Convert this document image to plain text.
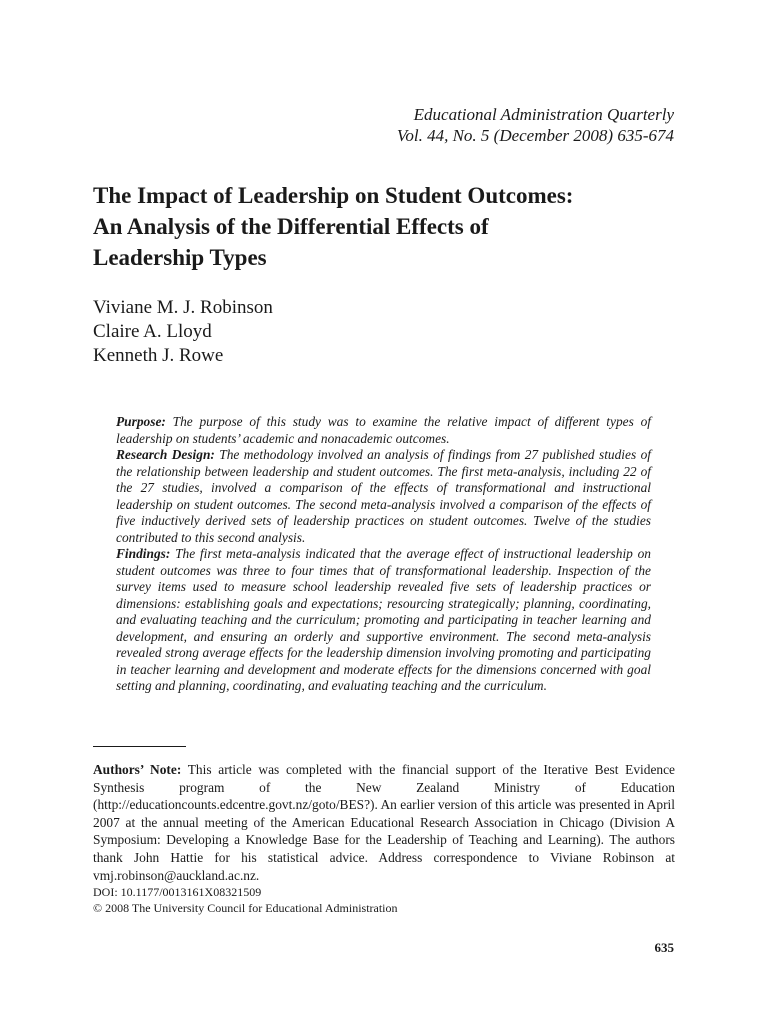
Educational Administration Quarterly
Vol. 44, No. 5 (December 2008) 635-674
The Impact of Leadership on Student Outcomes:
An Analysis of the Differential Effects of
Leadership Types
Viviane M. J. Robinson
Claire A. Lloyd
Kenneth J. Rowe

Purpose: The purpose of this study was to examine the relative impact of different types of leadership on students’ academic and nonacademic outcomes.

Research Design: The methodology involved an analysis of findings from 27 published studies of the relationship between leadership and student outcomes. The first meta-analysis, including 22 of the 27 studies, involved a comparison of the effects of transformational and instructional leadership on student outcomes. The second meta-analysis involved a comparison of the effects of five inductively derived sets of leadership practices on student outcomes. Twelve of the studies contributed to this second analysis.

Findings: The first meta-analysis indicated that the average effect of instructional leadership on student outcomes was three to four times that of transformational leadership. Inspection of the survey items used to measure school leadership revealed five sets of leadership practices or dimensions: establishing goals and expectations; resourcing strategically; planning, coordinating, and evaluating teaching and the curriculum; promoting and participating in teacher learning and development, and ensuring an orderly and supportive environment. The second meta-analysis revealed strong average effects for the leadership dimension involving promoting and participating in teacher learning and development and moderate effects for the dimensions concerned with goal setting and planning, coordinating, and evaluating teaching and the curriculum.

Authors’ Note: This article was completed with the financial support of the Iterative Best Evidence Synthesis program of the New Zealand Ministry of Education (http://educationcounts.edcentre.govt.nz/goto/BES?). An earlier version of this article was presented in April 2007 at the annual meeting of the American Educational Research Association in Chicago (Division A Symposium: Developing a Knowledge Base for the Leadership of Teaching and Learning). The authors thank John Hattie for his statistical advice. Address correspondence to Viviane Robinson at vmj.robinson@auckland.ac.nz.

DOI: 10.1177/0013161X08321509
© 2008 The University Council for Educational Administration
635
